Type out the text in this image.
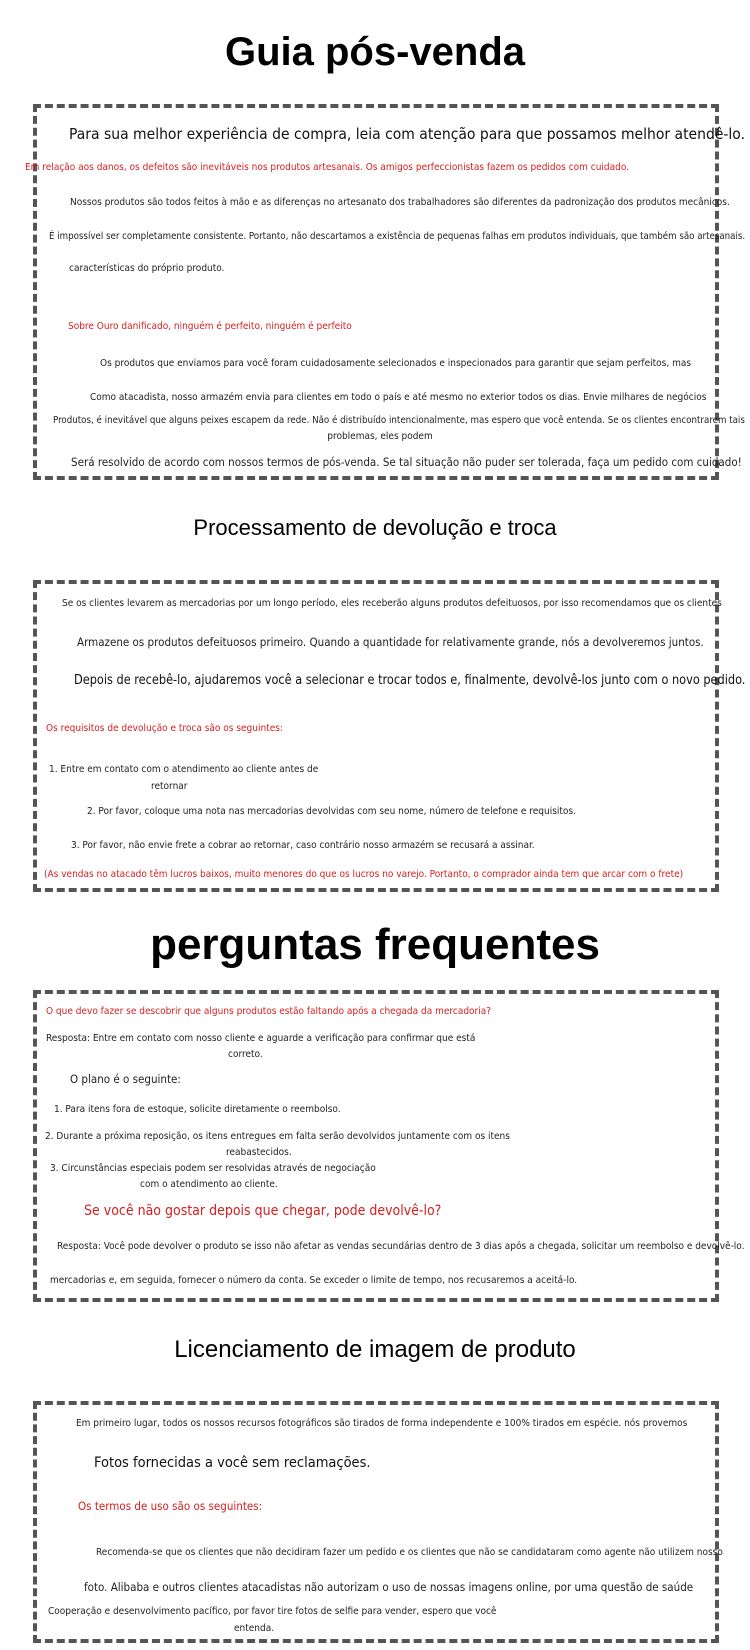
Guia pós-venda
Para sua melhor experiência de compra, leia com atenção para que possamos melhor atendê-lo.
Em relação aos danos, os defeitos são inevitáveis nos produtos artesanais. Os amigos perfeccionistas fazem os pedidos com cuidado.
Nossos produtos são todos feitos à mão e as diferenças no artesanato dos trabalhadores são diferentes da padronização dos produtos mecânicos.
É impossível ser completamente consistente. Portanto, não descartamos a existência de pequenas falhas em produtos individuais, que também são artesanais.
características do próprio produto.
Sobre Ouro danificado, ninguém é perfeito, ninguém é perfeito
Os produtos que enviamos para você foram cuidadosamente selecionados e inspecionados para garantir que sejam perfeitos, mas
Como atacadista, nosso armazém envia para clientes em todo o país e até mesmo no exterior todos os dias. Envie milhares de negócios
Produtos, é inevitável que alguns peixes escapem da rede. Não é distribuído intencionalmente, mas espero que você entenda. Se os clientes encontrarem tais
problemas, eles podem
Será resolvido de acordo com nossos termos de pós-venda. Se tal situação não puder ser tolerada, faça um pedido com cuidado!
Processamento de devolução e troca
Se os clientes levarem as mercadorias por um longo período, eles receberão alguns produtos defeituosos, por isso recomendamos que os clientes
Armazene os produtos defeituosos primeiro. Quando a quantidade for relativamente grande, nós a devolveremos juntos.
Depois de recebê-lo, ajudaremos você a selecionar e trocar todos e, finalmente, devolvê-los junto com o novo pedido.
Os requisitos de devolução e troca são os seguintes:
1. Entre em contato com o atendimento ao cliente antes de
retornar
2. Por favor, coloque uma nota nas mercadorias devolvidas com seu nome, número de telefone e requisitos.
3. Por favor, não envie frete a cobrar ao retornar, caso contrário nosso armazém se recusará a assinar.
(As vendas no atacado têm lucros baixos, muito menores do que os lucros no varejo. Portanto, o comprador ainda tem que arcar com o frete)
perguntas frequentes
O que devo fazer se descobrir que alguns produtos estão faltando após a chegada da mercadoria?
Resposta: Entre em contato com nosso cliente e aguarde a verificação para confirmar que está
correto.
O plano é o seguinte:
1. Para itens fora de estoque, solicite diretamente o reembolso.
2. Durante a próxima reposição, os itens entregues em falta serão devolvidos juntamente com os itens
reabastecidos.
3. Circunstâncias especiais podem ser resolvidas através de negociação
com o atendimento ao cliente.
Se você não gostar depois que chegar, pode devolvê-lo?
Resposta: Você pode devolver o produto se isso não afetar as vendas secundárias dentro de 3 dias após a chegada, solicitar um reembolso e devolvê-lo.
mercadorias e, em seguida, fornecer o número da conta. Se exceder o limite de tempo, nos recusaremos a aceitá-lo.
Licenciamento de imagem de produto
Em primeiro lugar, todos os nossos recursos fotográficos são tirados de forma independente e 100% tirados em espécie. nós provemos
Fotos fornecidas a você sem reclamações.
Os termos de uso são os seguintes:
Recomenda-se que os clientes que não decidiram fazer um pedido e os clientes que não se candidataram como agente não utilizem nosso
foto. Alibaba e outros clientes atacadistas não autorizam o uso de nossas imagens online, por uma questão de saúde
Cooperação e desenvolvimento pacífico, por favor tire fotos de selfie para vender, espero que você
entenda.
